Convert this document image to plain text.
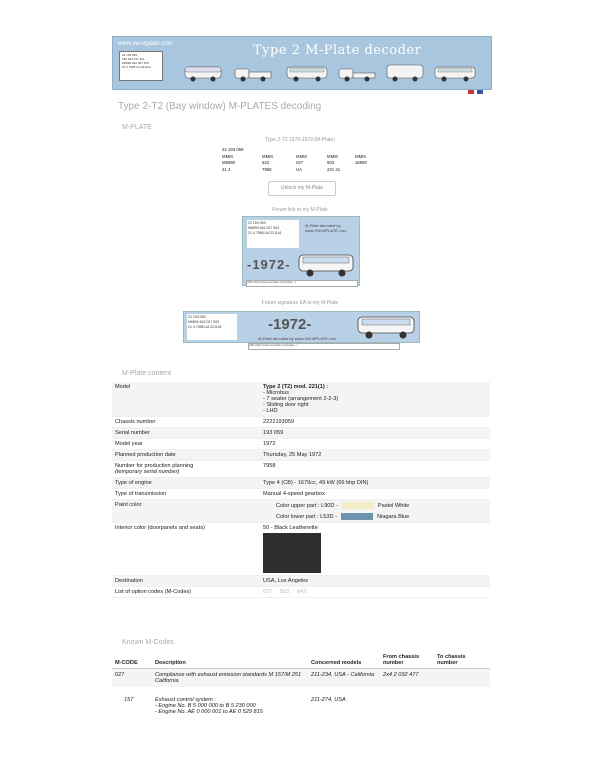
www.vw-mplate.com
22 193 059
190 324 237 421
M6890 642 027 503
22 4 7958 UA 221141
Type 2 M-Plate decoder

Type 2-T2 (Bay window) M-PLATES decoding
M-PLATE
Type 2-T2 1970-1979 (M-Plate)
22 193 059
MMM	MMM	MMM	MMM	MMM
M6890	642	027	503	16990
21 4	7958	UA	221 41
Unlock my M-Plate
Forum link to my M-Plate
22 193 059
M6890 642 027 503
21 4 7958 UA 221141
M-Plate decoded by www.VW-MPLATE.com
-1972-
[URL=https://www.vw-mplate.com/mplate-...]
Forum signature EA to my M-Plate
22 193 059
M6890 642 027 503
21 4 7958 UA 221141	-1972-
M-Plate decoded by www.VW-MPLATE.com
[URL=https://www.vw-mplate.com/mplate-...]
M-Plate content
Model	Type 2 (T2) mod. 221(1) :
- Microbus
- 7 seater (arrangement 2-2-3)
- Sliding door right
- LHD

Chassis number	2222193059
Serial number	193 059
Model year	1972
Planned production date	Thursday, 25 May 1972

Number for production planning
(temporary serial number)	7958
Type of engine	Type 4 (CB) - 1679cc, 49 kW (66 bhp DIN)
Type of transmission	Manual 4-speed gearbox
Paint color	Color upper part : L90D - Pastel White
Color lower part : L53D - Niagara Blue

Interior color (doorpanels and seats)	50 - Black Leatherette

Destination	USA, Los Angeles
List of option codes (M-Codes)	027 503 642
Known M-Codes
M-CODE	Description	Concerned models	From chassis number	To chassis number
027	Compliance with exhaust emission standards M 157/M 251 California	211-234, USA - California	2x4 2 032 477	
157	Exhaust control system :
- Engine No. B 5 000 000 to B 5 230 000
- Engine No. AE 0 000 001 to AE 0 529 815	211-274, USA		
·
·
